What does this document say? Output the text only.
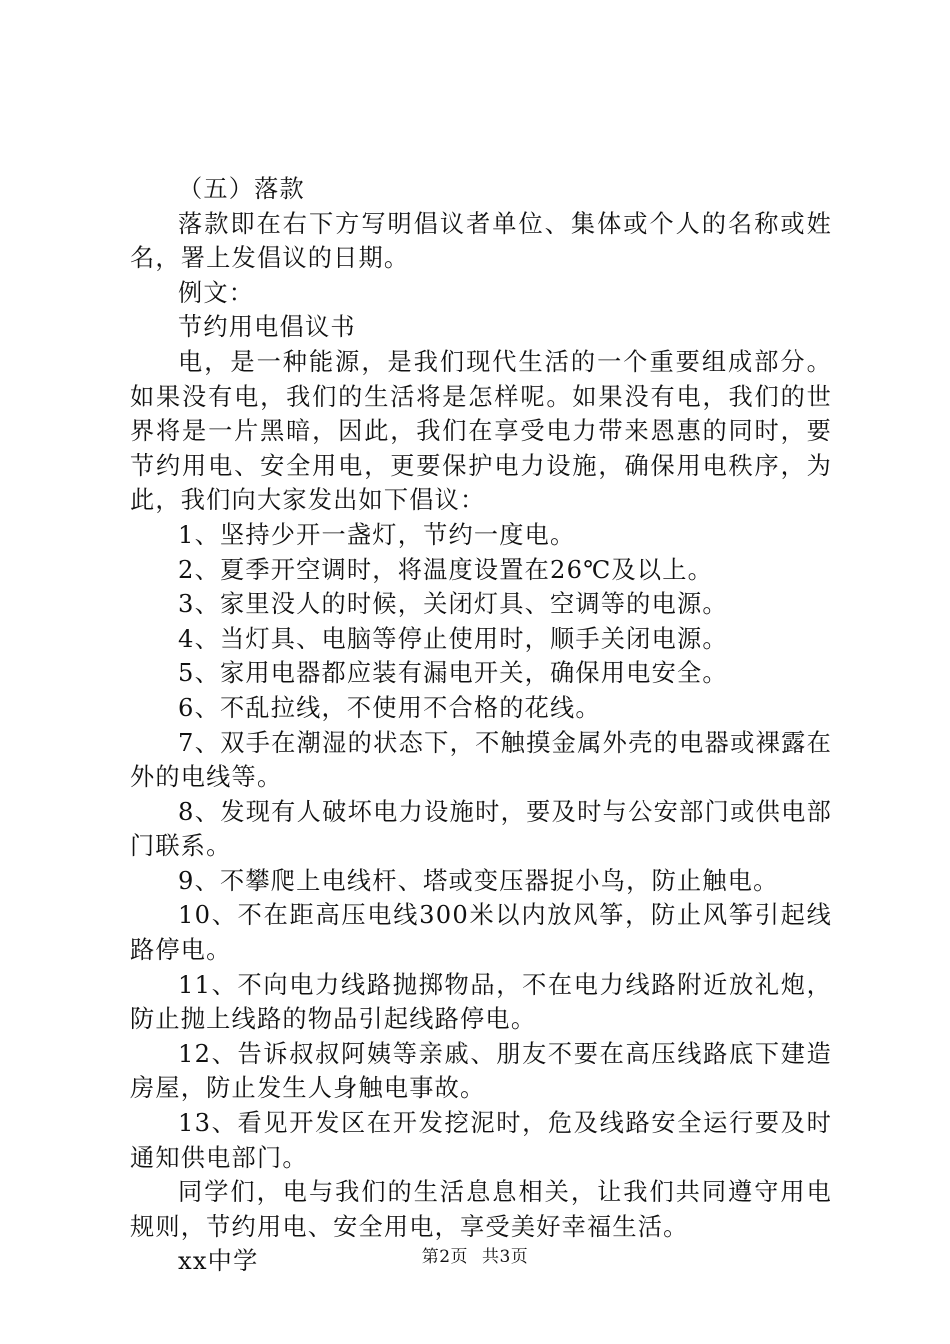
（五）落款

落款即在右下方写明倡议者单位、集体或个人的名称或姓名，署上发倡议的日期。

例文：

节约用电倡议书

电，是一种能源，是我们现代生活的一个重要组成部分。如果没有电，我们的生活将是怎样呢。如果没有电，我们的世界将是一片黑暗，因此，我们在享受电力带来恩惠的同时，要节约用电、安全用电，更要保护电力设施，确保用电秩序，为此，我们向大家发出如下倡议：

1、坚持少开一盏灯，节约一度电。

2、夏季开空调时，将温度设置在26℃及以上。

3、家里没人的时候，关闭灯具、空调等的电源。

4、当灯具、电脑等停止使用时，顺手关闭电源。

5、家用电器都应装有漏电开关，确保用电安全。

6、不乱拉线，不使用不合格的花线。

7、双手在潮湿的状态下，不触摸金属外壳的电器或裸露在外的电线等。

8、发现有人破坏电力设施时，要及时与公安部门或供电部门联系。

9、不攀爬上电线杆、塔或变压器捉小鸟，防止触电。

10、不在距高压电线300米以内放风筝，防止风筝引起线路停电。

11、不向电力线路抛掷物品，不在电力线路附近放礼炮，防止抛上线路的物品引起线路停电。

12、告诉叔叔阿姨等亲戚、朋友不要在高压线路底下建造房屋，防止发生人身触电事故。

13、看见开发区在开发挖泥时，危及线路安全运行要及时通知供电部门。

同学们，电与我们的生活息息相关，让我们共同遵守用电规则，节约用电、安全用电，享受美好幸福生活。

xx中学	第2页 共3页
